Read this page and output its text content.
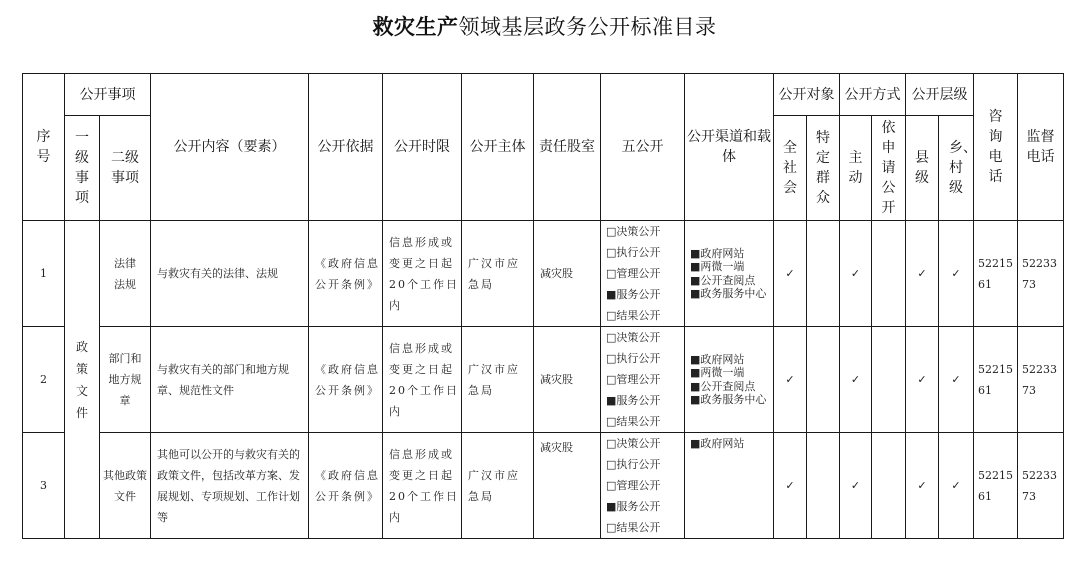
救灾生产领域基层政务公开标准目录
序号	公开事项		公开内容（要素）	公开依据	公开时限	公开主体	责任股室	五公开	公开渠道和载体	公开对象		公开方式		公开层级		咨询电话	监督电话

	一级事项	二级事项								全社会	特定群众	主动	依申请公开	县级	乡、村级		

1	政策文件	法律法规	与救灾有关的法律、法规	《政府信息公开条例》	信息形成或变更之日起20个工作日内	广汉市应急局	减灾股	□决策公开
□执行公开
□管理公开
■服务公开
□结果公开	■政府网站
■两微一端
■公开查阅点
■政务服务中心	✓		✓		✓	✓	5221561	5223373
2		部门和地方规章	与救灾有关的部门和地方规章、规范性文件	《政府信息公开条例》	信息形成或变更之日起20个工作日内	广汉市应急局	减灾股	□决策公开
□执行公开
□管理公开
■服务公开
□结果公开	■政府网站
■两微一端
■公开查阅点
■政务服务中心	✓		✓		✓	✓	5221561	5223373
3		其他政策文件	其他可以公开的与救灾有关的政策文件，包括改革方案、发展规划、专项规划、工作计划等	《政府信息公开条例》	信息形成或变更之日起20个工作日内	广汉市应急局	减灾股	□决策公开
□执行公开
□管理公开
■服务公开
□结果公开	■政府网站	✓		✓		✓	✓	5221561	5223373
